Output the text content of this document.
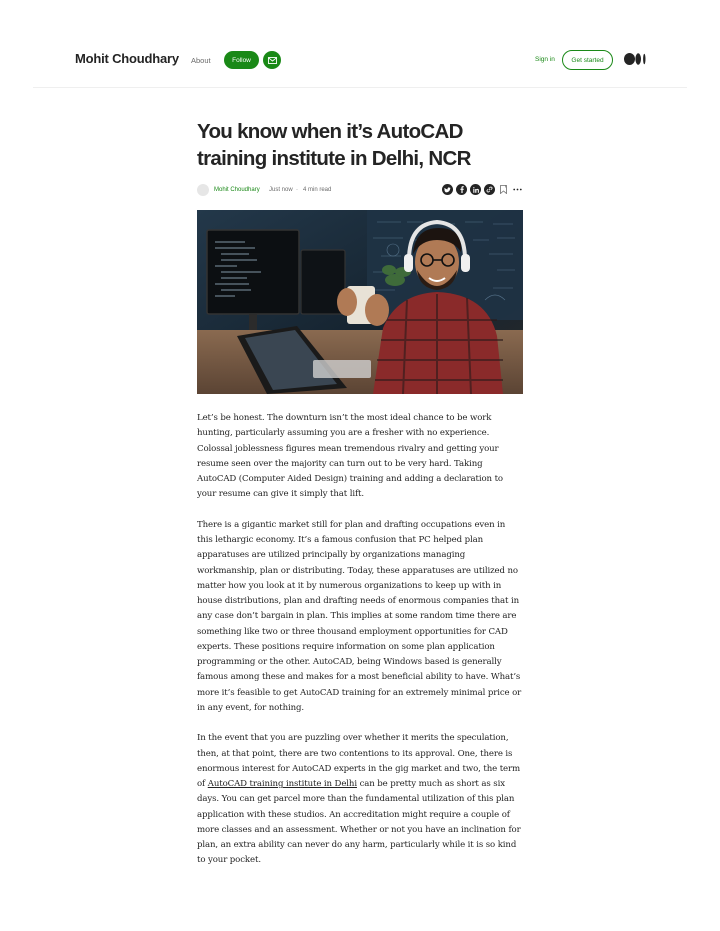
Mohit Choudhary About	Follow	Sign in	Get started
You know when it’s AutoCAD training institute in Delhi, NCR
Mohit Choudhary Just now · 4 min read

Let’s be honest. The downturn isn’t the most ideal chance to be work hunting, particularly assuming you are a fresher with no experience. Colossal joblessness figures mean tremendous rivalry and getting your resume seen over the majority can turn out to be very hard. Taking AutoCAD (Computer Aided Design) training and adding a declaration to your resume can give it simply that lift.

There is a gigantic market still for plan and drafting occupations even in this lethargic economy. It’s a famous confusion that PC helped plan apparatuses are utilized principally by organizations managing workmanship, plan or distributing. Today, these apparatuses are utilized no matter how you look at it by numerous organizations to keep up with in house distributions, plan and drafting needs of enormous companies that in any case don’t bargain in plan. This implies at some random time there are something like two or three thousand employment opportunities for CAD experts. These positions require information on some plan application programming or the other. AutoCAD, being Windows based is generally famous among these and makes for a most beneficial ability to have. What’s more it’s feasible to get AutoCAD training for an extremely minimal price or in any event, for nothing.

In the event that you are puzzling over whether it merits the speculation, then, at that point, there are two contentions to its approval. One, there is enormous interest for AutoCAD experts in the gig market and two, the term of AutoCAD training institute in Delhi can be pretty much as short as six days. You can get parcel more than the fundamental utilization of this plan application with these studios. An accreditation might require a couple of more classes and an assessment. Whether or not you have an inclination for plan, an extra ability can never do any harm, particularly while it is so kind to your pocket.
